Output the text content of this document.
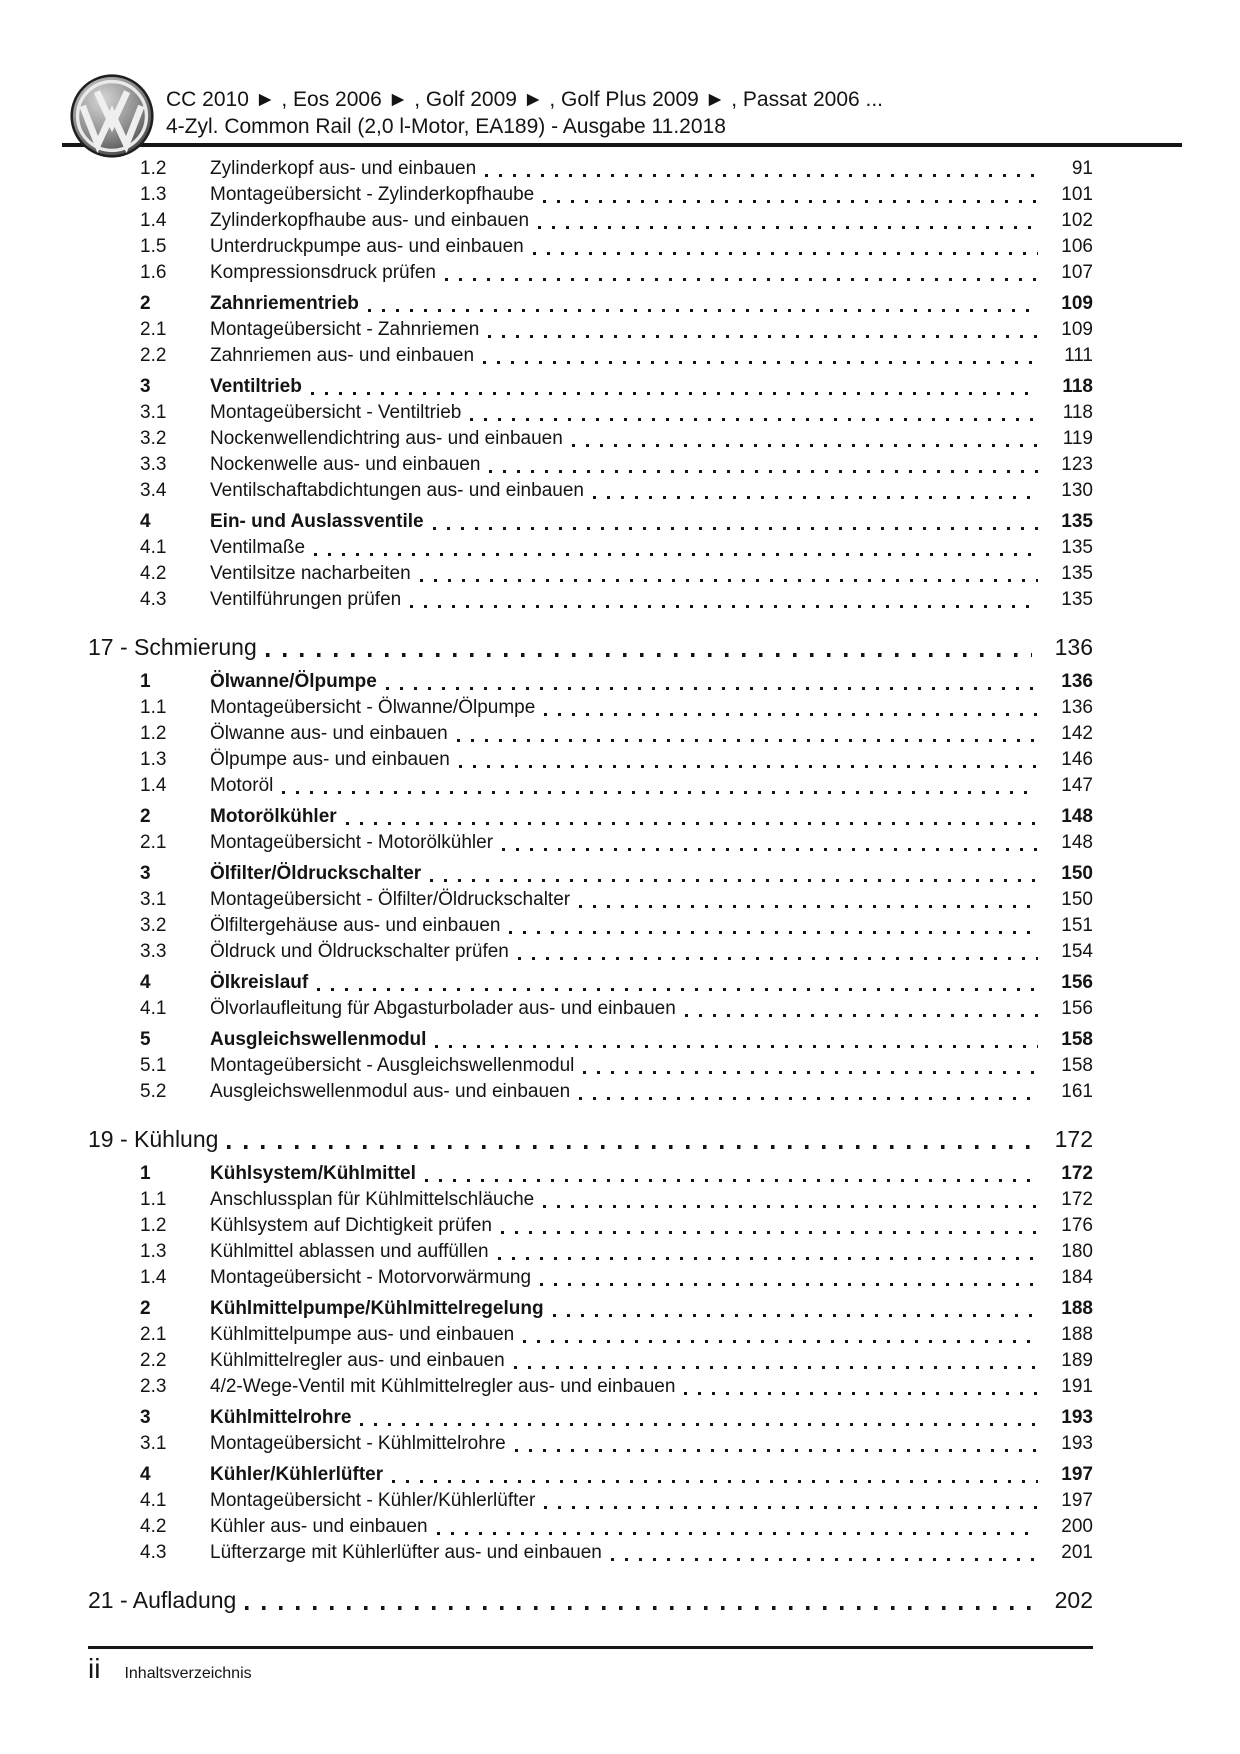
CC 2010 ► , Eos 2006 ► , Golf 2009 ► , Golf Plus 2009 ► , Passat 2006 ...
4-Zyl. Common Rail (2,0 l-Motor, EA189) - Ausgabe 11.2018
1.2	Zylinderkopf aus- und einbauen	91
1.3	Montageübersicht - Zylinderkopfhaube	101
1.4	Zylinderkopfhaube aus- und einbauen	102
1.5	Unterdruckpumpe aus- und einbauen	106
1.6	Kompressionsdruck prüfen	107
2	Zahnriementrieb	109
2.1	Montageübersicht - Zahnriemen	109
2.2	Zahnriemen aus- und einbauen	111
3	Ventiltrieb	118
3.1	Montageübersicht - Ventiltrieb	118
3.2	Nockenwellendichtring aus- und einbauen	119
3.3	Nockenwelle aus- und einbauen	123
3.4	Ventilschaftabdichtungen aus- und einbauen	130
4	Ein- und Auslassventile	135
4.1	Ventilmaße	135
4.2	Ventilsitze nacharbeiten	135
4.3	Ventilführungen prüfen	135
17 - Schmierung	136
1	Ölwanne/Ölpumpe	136
1.1	Montageübersicht - Ölwanne/Ölpumpe	136
1.2	Ölwanne aus- und einbauen	142
1.3	Ölpumpe aus- und einbauen	146
1.4	Motoröl	147
2	Motorölkühler	148
2.1	Montageübersicht - Motorölkühler	148
3	Ölfilter/Öldruckschalter	150
3.1	Montageübersicht - Ölfilter/Öldruckschalter	150
3.2	Ölfiltergehäuse aus- und einbauen	151
3.3	Öldruck und Öldruckschalter prüfen	154
4	Ölkreislauf	156
4.1	Ölvorlaufleitung für Abgasturbolader aus- und einbauen	156
5	Ausgleichswellenmodul	158
5.1	Montageübersicht - Ausgleichswellenmodul	158
5.2	Ausgleichswellenmodul aus- und einbauen	161
19 - Kühlung	172
1	Kühlsystem/Kühlmittel	172
1.1	Anschlussplan für Kühlmittelschläuche	172
1.2	Kühlsystem auf Dichtigkeit prüfen	176
1.3	Kühlmittel ablassen und auffüllen	180
1.4	Montageübersicht - Motorvorwärmung	184
2	Kühlmittelpumpe/Kühlmittelregelung	188
2.1	Kühlmittelpumpe aus- und einbauen	188
2.2	Kühlmittelregler aus- und einbauen	189
2.3	4/2-Wege-Ventil mit Kühlmittelregler aus- und einbauen	191
3	Kühlmittelrohre	193
3.1	Montageübersicht - Kühlmittelrohre	193
4	Kühler/Kühlerlüfter	197
4.1	Montageübersicht - Kühler/Kühlerlüfter	197
4.2	Kühler aus- und einbauen	200
4.3	Lüfterzarge mit Kühlerlüfter aus- und einbauen	201
21 - Aufladung	202
ii Inhaltsverzeichnis
